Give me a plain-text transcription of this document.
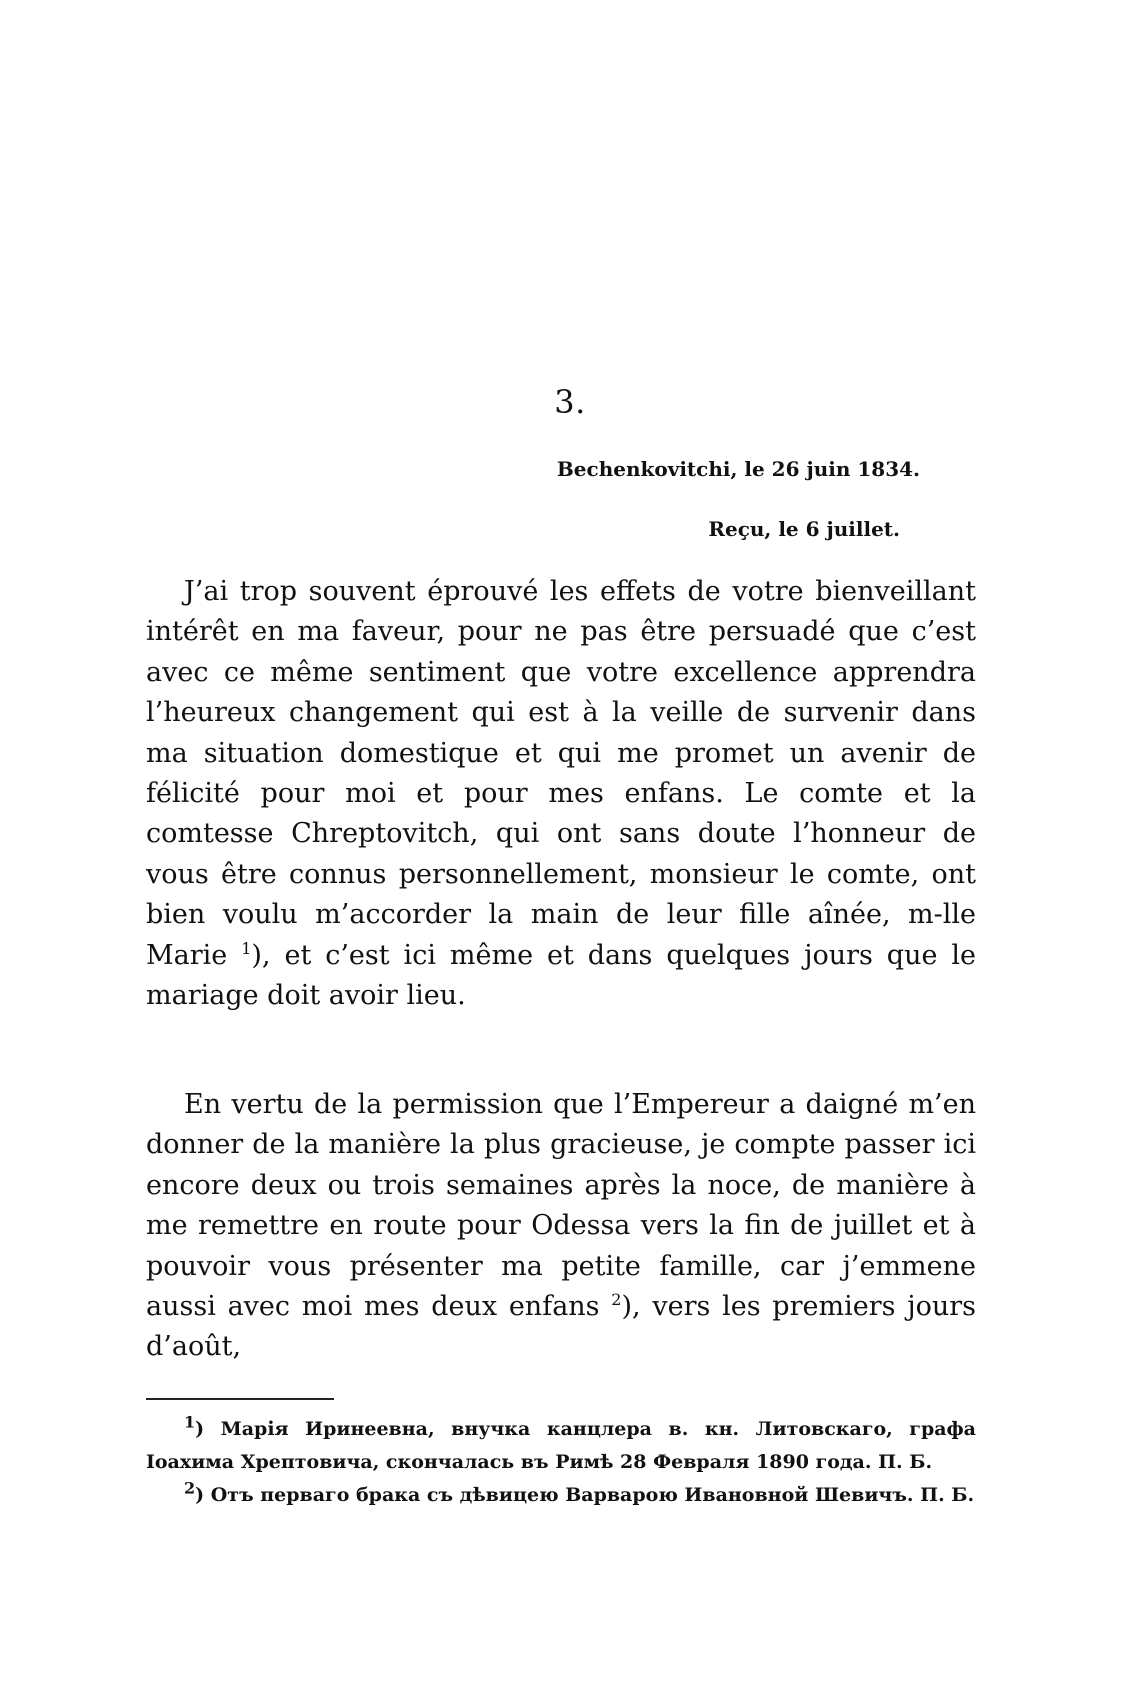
3.
Bechenkovitchi, le 26 juin 1834.
Reçu, le 6 juillet.

J’ai trop souvent éprouvé les effets de votre bienveillant intérêt en ma faveur, pour ne pas être persuadé que c’est avec ce même sentiment que votre excellence apprendra l’heureux changement qui est à la veille de survenir dans ma situation domestique et qui me promet un avenir de félicité pour moi et pour mes enfans. Le comte et la comtesse Chreptovitch, qui ont sans doute l’honneur de vous être connus personnellement, monsieur le comte, ont bien voulu m’accorder la main de leur fille aînée, m-lle Marie $^1$), et c’est ici même et dans quelques jours que le mariage doit avoir lieu.

En vertu de la permission que l’Empereur a daigné m’en donner de la manière la plus gracieuse, je compte passer ici encore deux ou trois semaines après la noce, de manière à me remettre en route pour Odessa vers la fin de juillet et à pouvoir vous présenter ma petite famille, car j’emmene aussi avec moi mes deux enfans $^2$), vers les premiers jours d’août,

$^1$) Марія Иринеевна, внучка канцлера в. кн. Литовскаго, графа Іоахима Хрептовича, скончалась въ Римѣ 28 Февраля 1890 года. П. Б.

$^2$) Отъ перваго брака съ дѣвицею Варварою Ивановной Шевичъ. П. Б.
